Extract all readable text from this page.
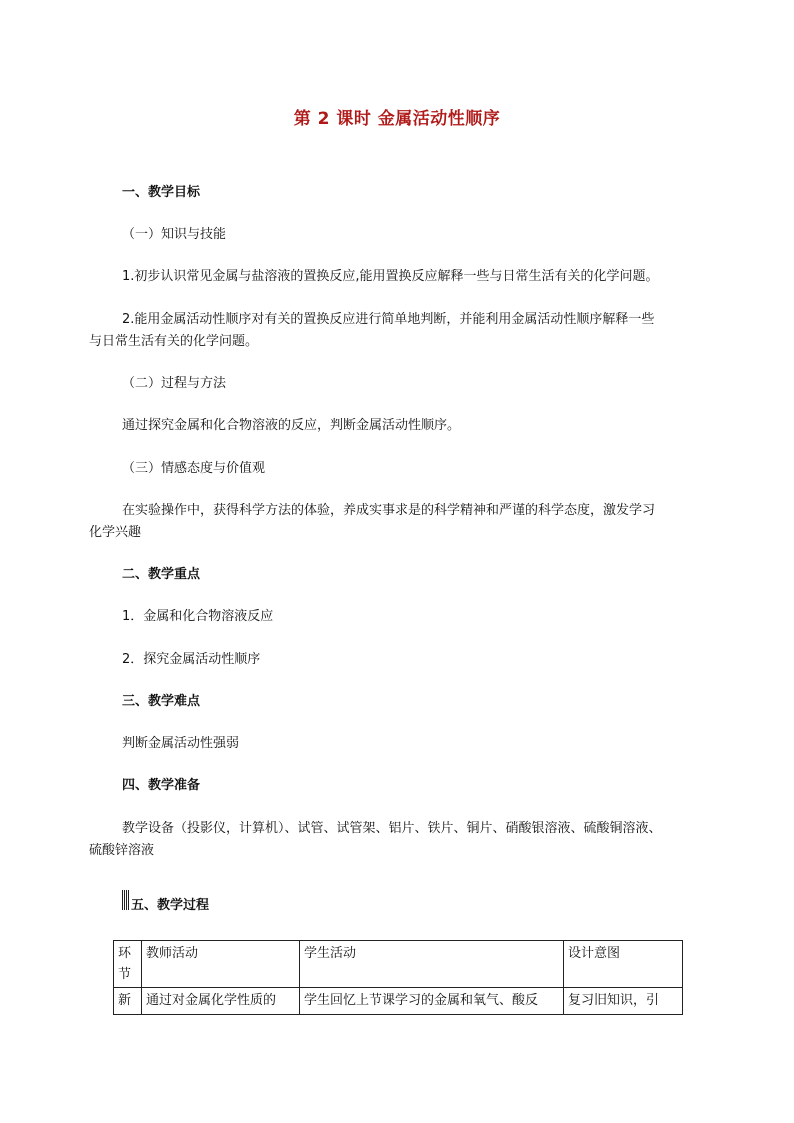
第 2 课时 金属活动性顺序
一、教学目标
（一）知识与技能
1.初步认识常见金属与盐溶液的置换反应,能用置换反应解释一些与日常生活有关的化学问题。
2.能用金属活动性顺序对有关的置换反应进行简单地判断，并能利用金属活动性顺序解释一些
与日常生活有关的化学问题。
（二）过程与方法
通过探究金属和化合物溶液的反应，判断金属活动性顺序。
（三）情感态度与价值观
在实验操作中，获得科学方法的体验，养成实事求是的科学精神和严谨的科学态度，激发学习
化学兴趣
二、教学重点
1．金属和化合物溶液反应
2．探究金属活动性顺序
三、教学难点
判断金属活动性强弱
四、教学准备
教学设备（投影仪，计算机）、试管、试管架、铝片、铁片、铜片、硝酸银溶液、硫酸铜溶液、
硫酸锌溶液
五、教学过程
环节	教师活动	学生活动	设计意图
新	通过对金属化学性质的	学生回忆上节课学习的金属和氧气、酸反	复习旧知识，引
